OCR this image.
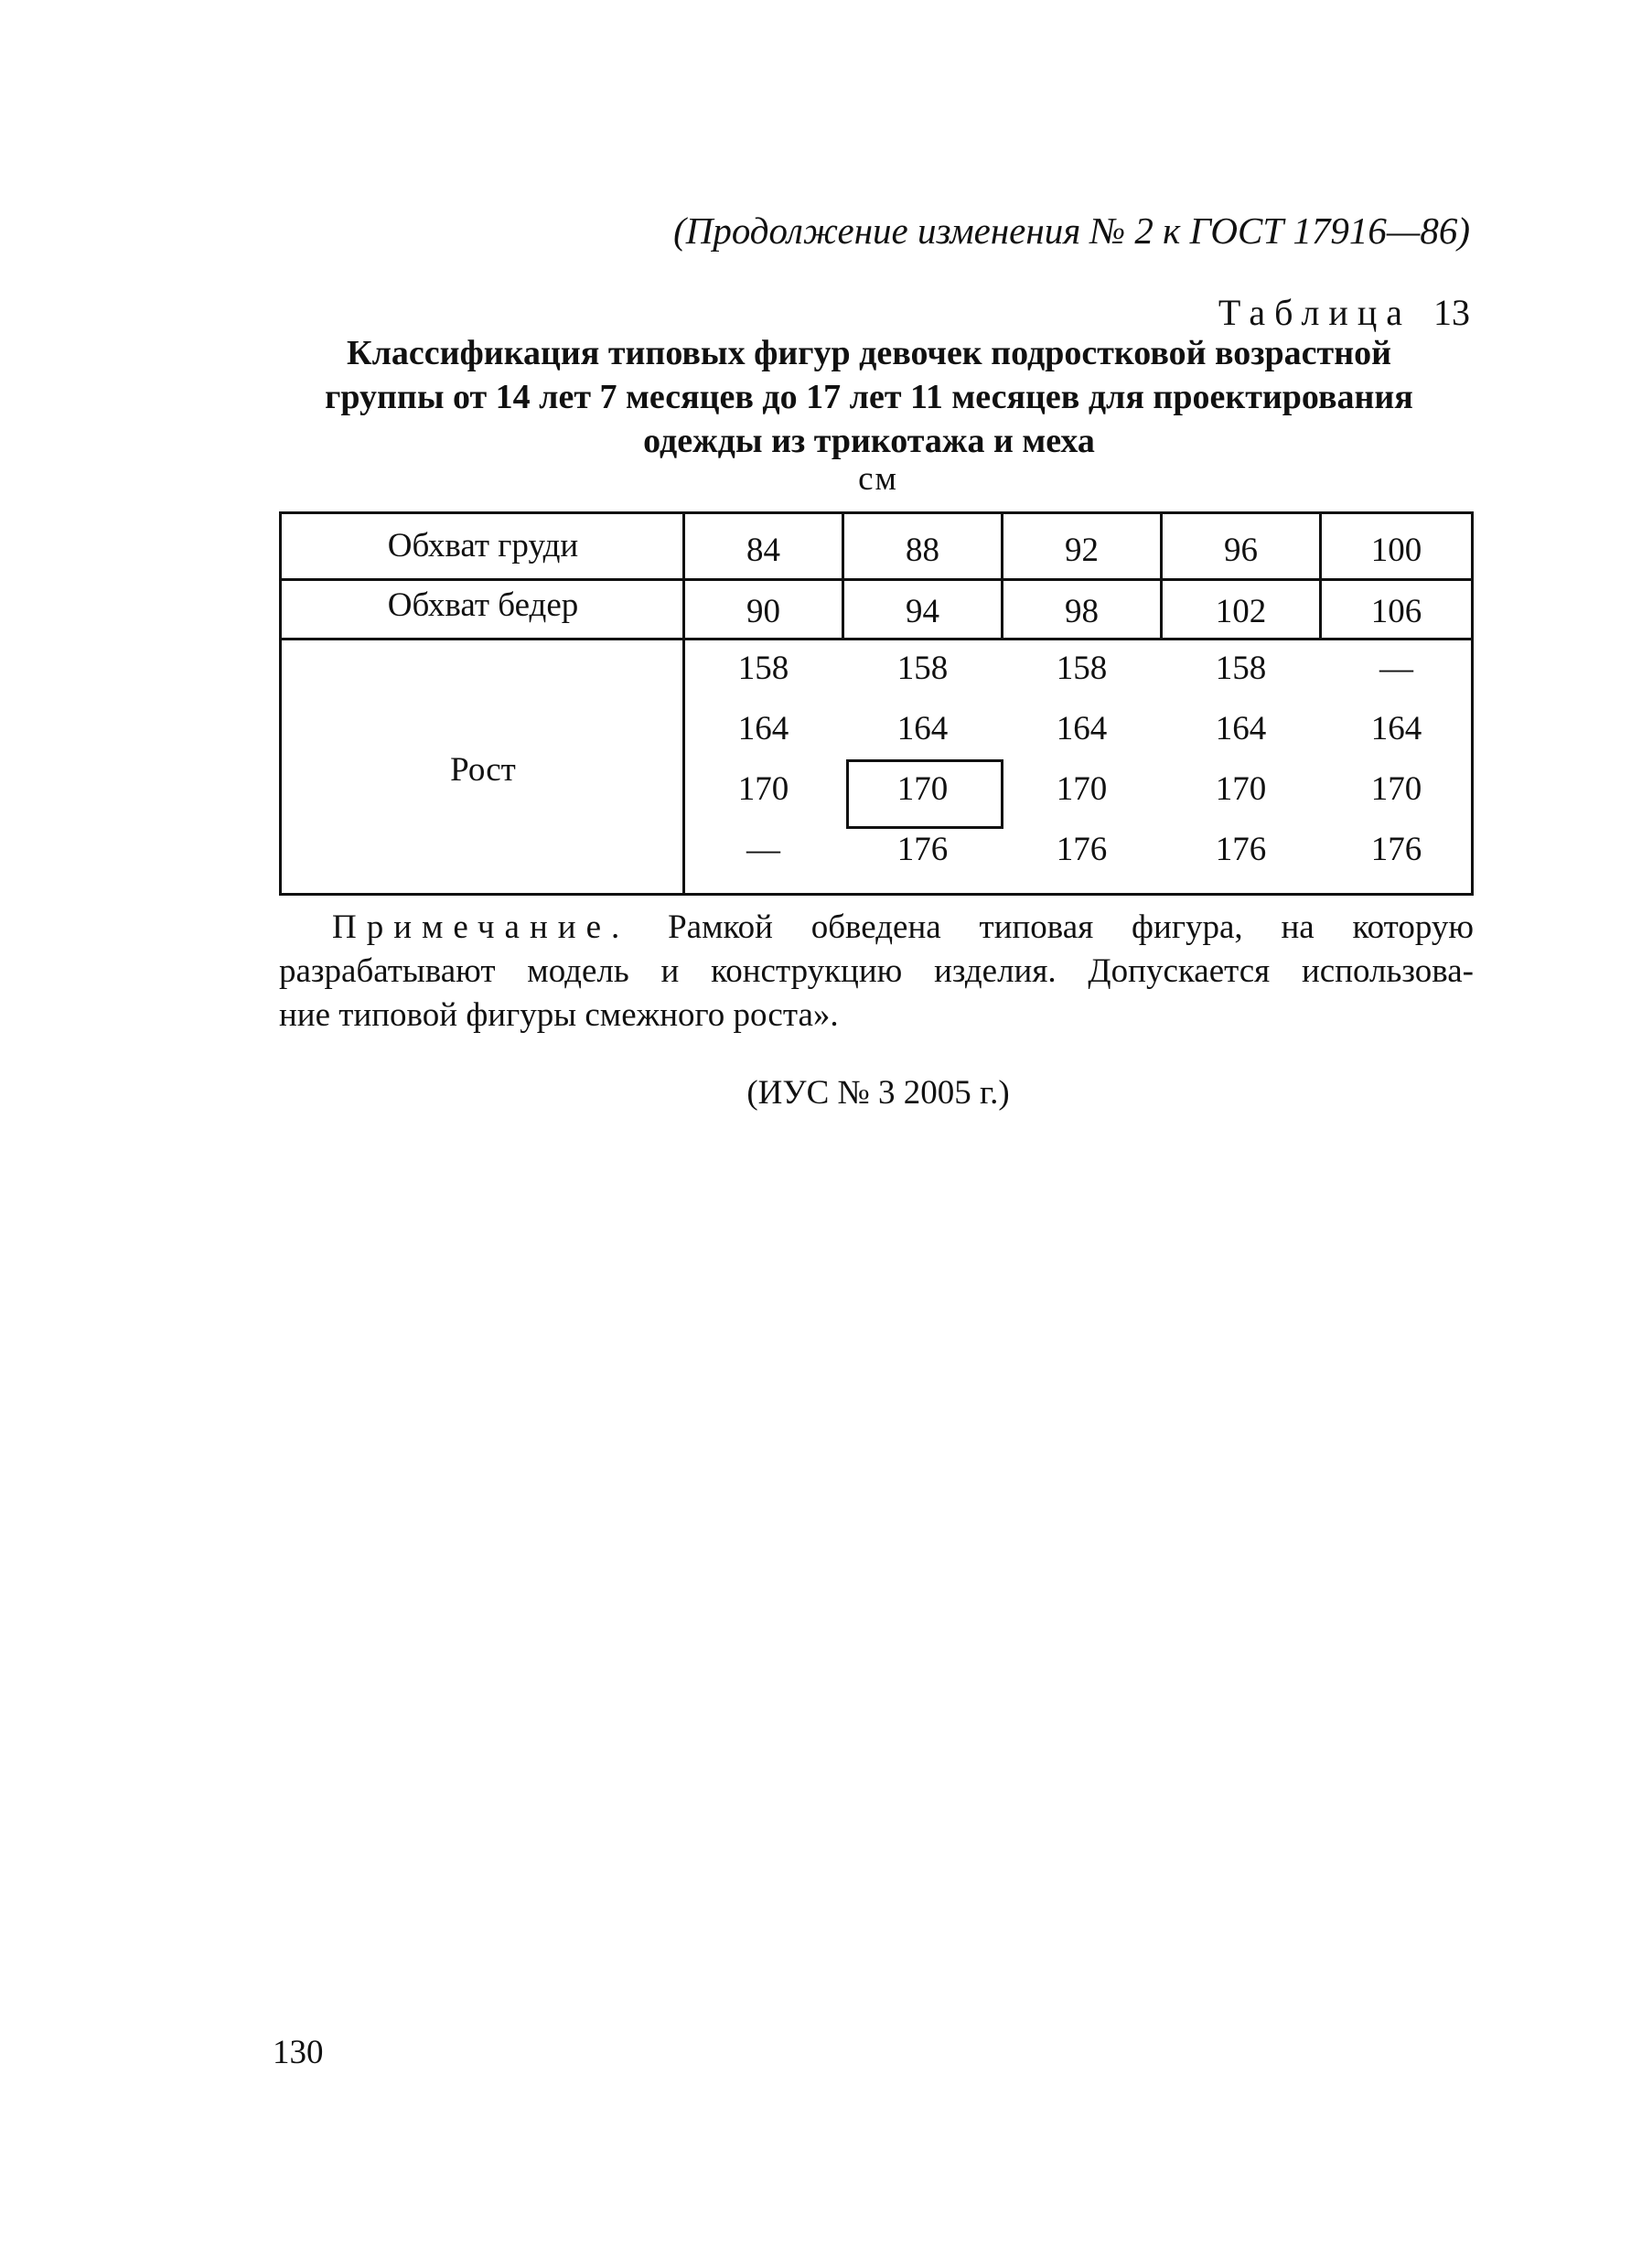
(Продолжение изменения № 2 к ГОСТ 17916—86)
Таблица 13
Классификация типовых фигур девочек подростковой возрастной
группы от 14 лет 7 месяцев до 17 лет 11 месяцев для проектирования
одежды из трикотажа и меха
см
Обхват груди	84	88	92	96	100
Обхват бедер	90	94	98	102	106
Рост
158	158	158	158	—
164	164	164	164	164
170	170	170	170	170
—	176	176	176	176
Примечание. Рамкой обведена типовая фигура, на которую
разрабатывают модель и конструкцию изделия. Допускается использова-
ние типовой фигуры смежного роста».
(ИУС № 3 2005 г.)
130
